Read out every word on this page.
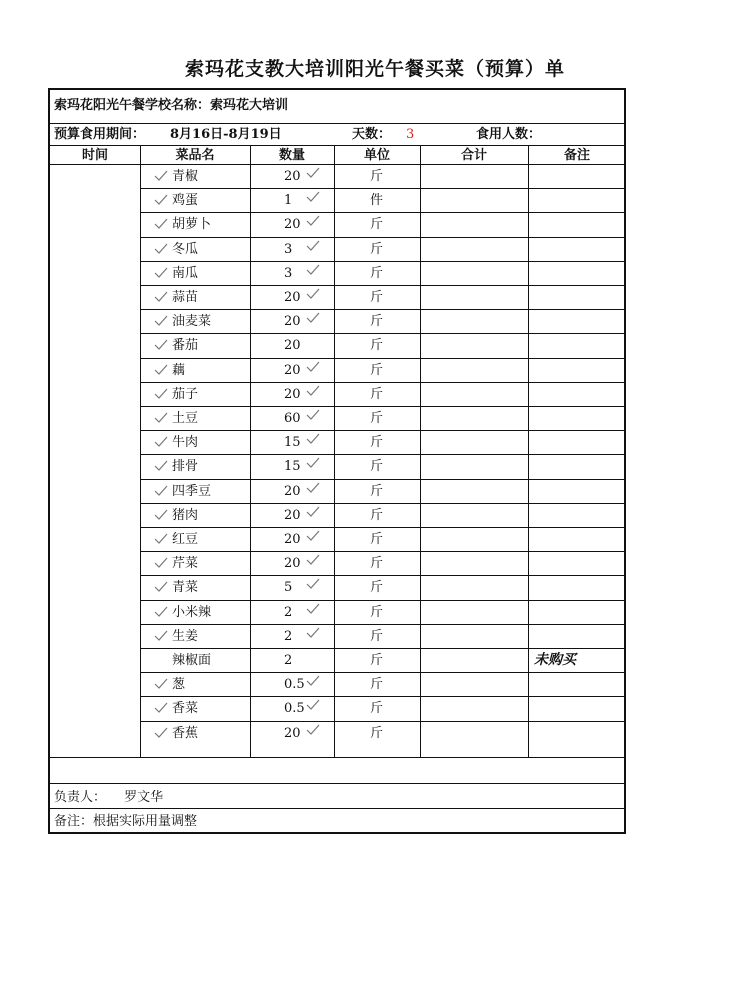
索玛花支教大培训阳光午餐买菜（预算）单
索玛花阳光午餐学校名称：索玛花大培训
预算食用期间： 8月16日-8月19日	天数： 3	食用人数：
时间	菜品名	数量	单位	合计	备注
青椒	20	斤
鸡蛋	1	件
胡萝卜	20	斤
冬瓜	3	斤
南瓜	3	斤
蒜苗	20	斤
油麦菜	20	斤
番茄	20	斤
藕	20	斤
茄子	20	斤
土豆	60	斤
牛肉	15	斤
排骨	15	斤
四季豆	20	斤
猪肉	20	斤
红豆	20	斤
芹菜	20	斤
青菜	5	斤
小米辣	2	斤
生姜	2	斤
辣椒面	2	斤	未购买
葱	0.5	斤
香菜	0.5	斤
香蕉	20	斤
负责人： 罗文华
备注：根据实际用量调整
